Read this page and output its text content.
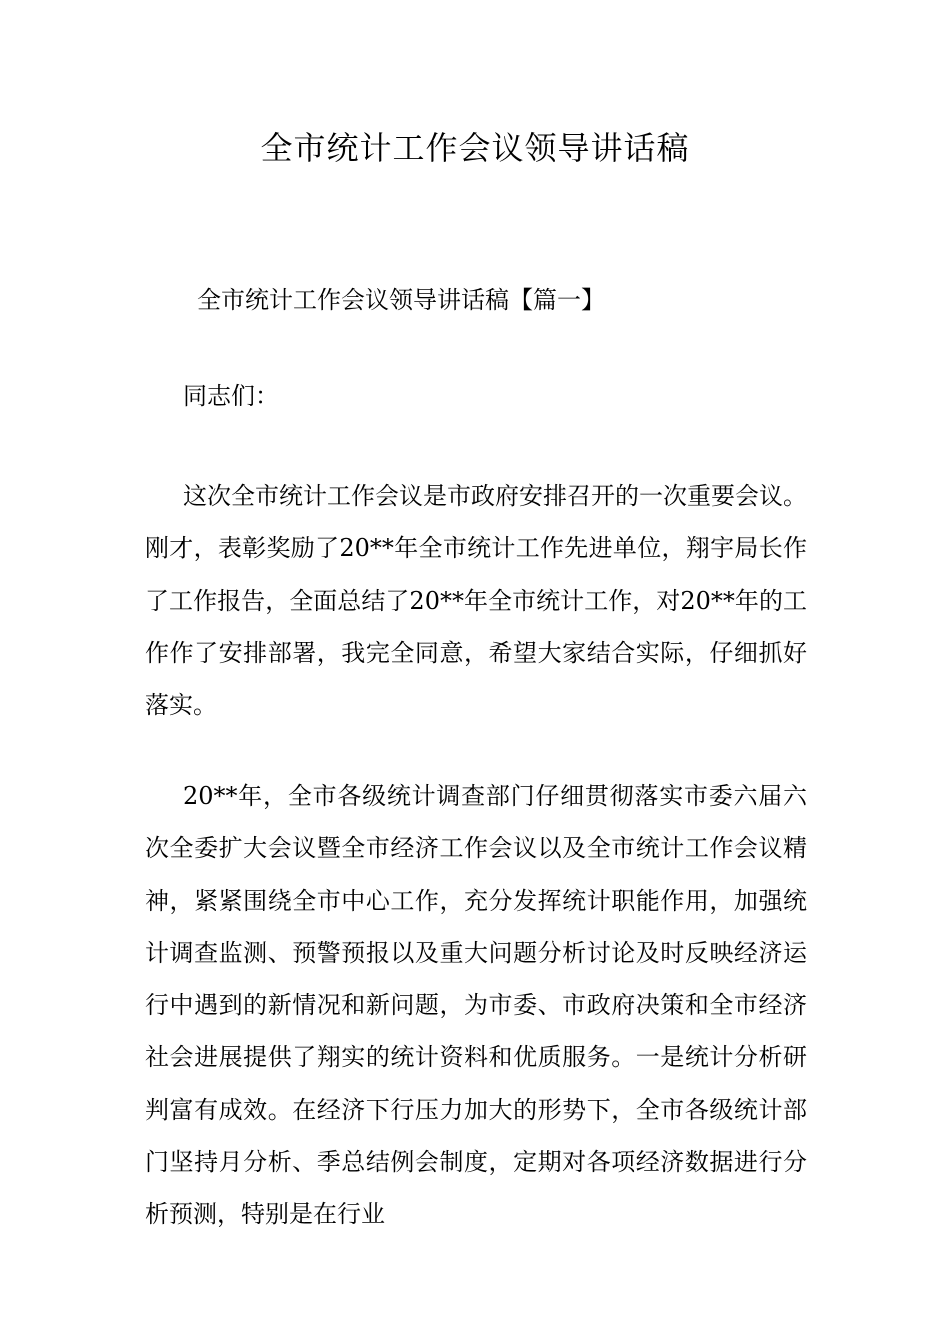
全市统计工作会议领导讲话稿
全市统计工作会议领导讲话稿【篇一】
同志们：

这次全市统计工作会议是市政府安排召开的一次重要会议。刚才，表彰奖励了20**年全市统计工作先进单位，翔宇局长作了工作报告，全面总结了20**年全市统计工作，对20**年的工作作了安排部署，我完全同意，希望大家结合实际，仔细抓好落实。

20**年，全市各级统计调查部门仔细贯彻落实市委六届六次全委扩大会议暨全市经济工作会议以及全市统计工作会议精神，紧紧围绕全市中心工作，充分发挥统计职能作用，加强统计调查监测、预警预报以及重大问题分析讨论及时反映经济运行中遇到的新情况和新问题，为市委、市政府决策和全市经济社会进展提供了翔实的统计资料和优质服务。一是统计分析研判富有成效。在经济下行压力加大的形势下，全市各级统计部门坚持月分析、季总结例会制度，定期对各项经济数据进行分析预测，特别是在行业
